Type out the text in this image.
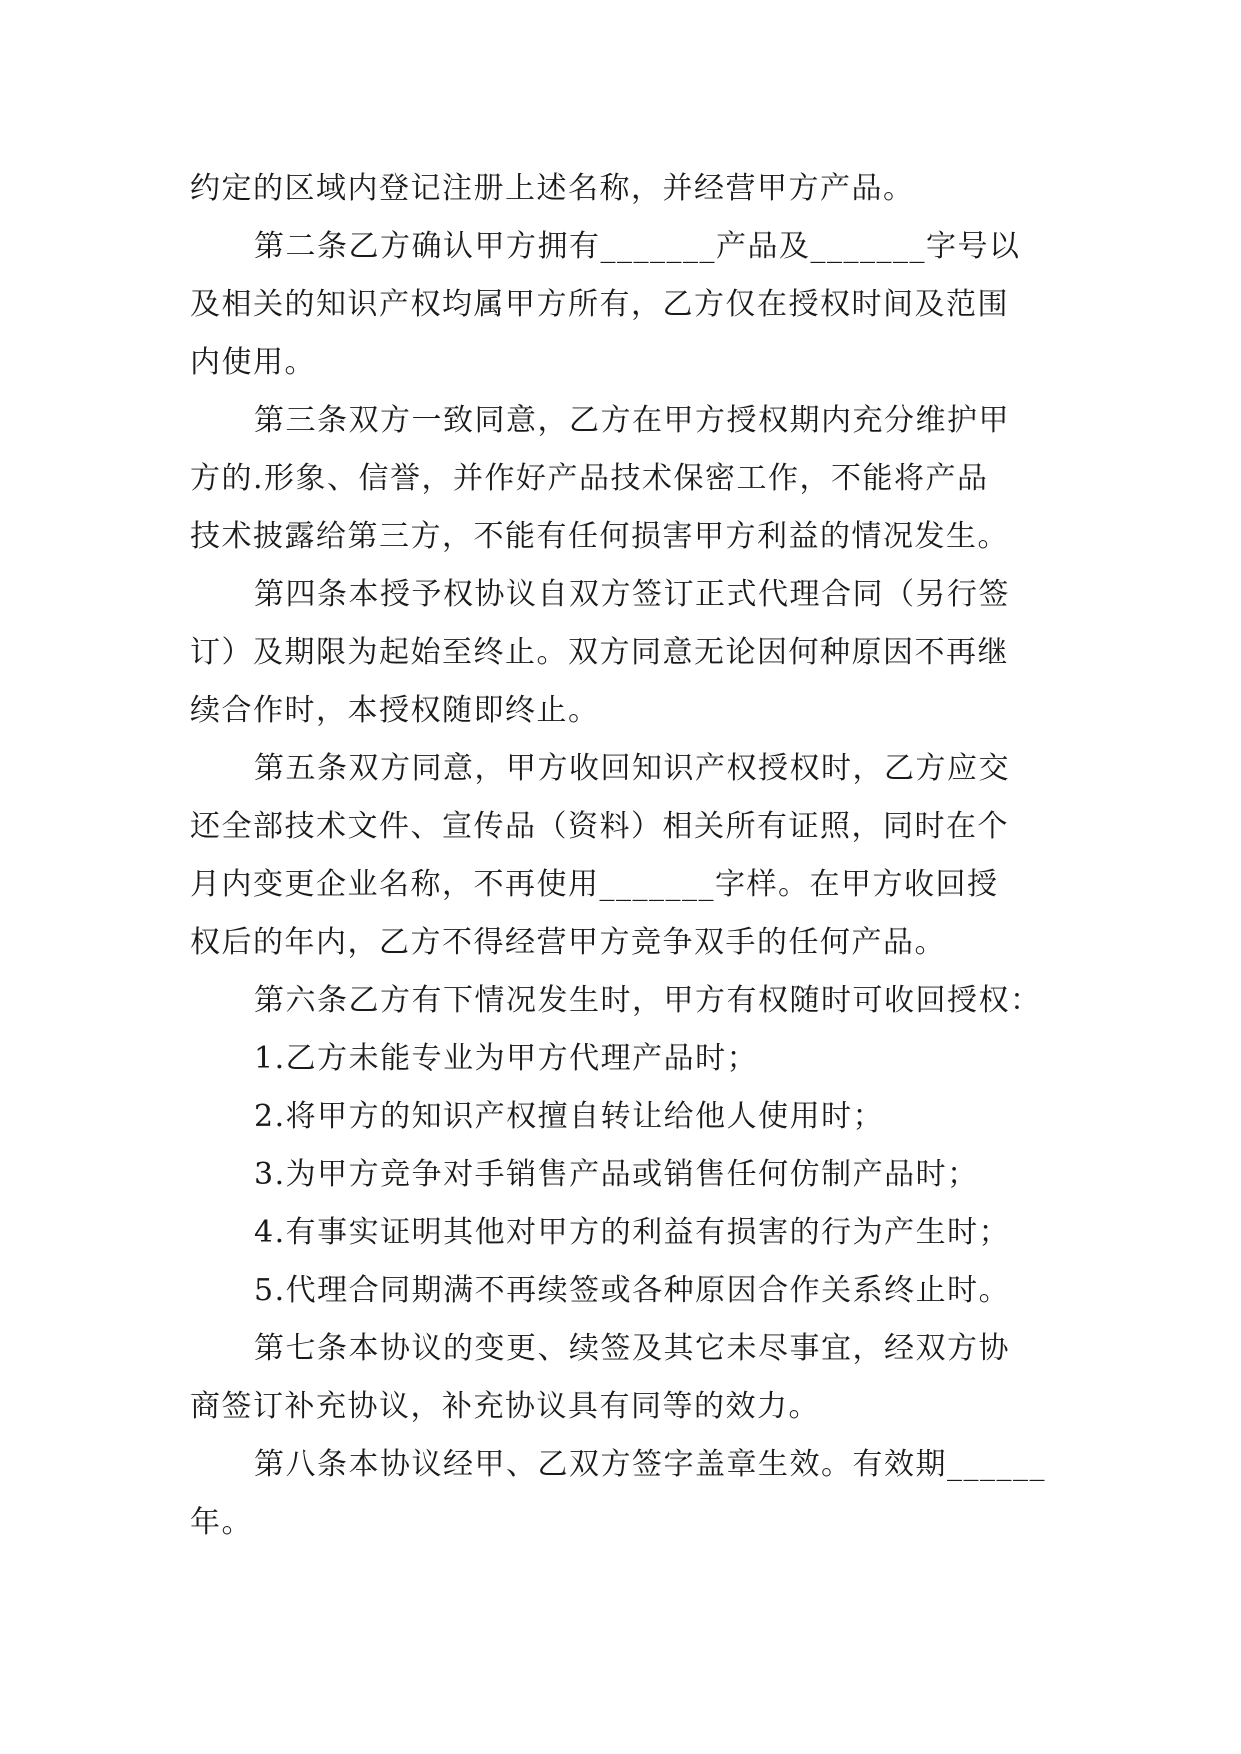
约定的区域内登记注册上述名称，并经营甲方产品。
第二条乙方确认甲方拥有_______产品及_______字号以
及相关的知识产权均属甲方所有，乙方仅在授权时间及范围
内使用。
第三条双方一致同意，乙方在甲方授权期内充分维护甲
方的.形象、信誉，并作好产品技术保密工作，不能将产品
技术披露给第三方，不能有任何损害甲方利益的情况发生。
第四条本授予权协议自双方签订正式代理合同（另行签
订）及期限为起始至终止。双方同意无论因何种原因不再继
续合作时，本授权随即终止。
第五条双方同意，甲方收回知识产权授权时，乙方应交
还全部技术文件、宣传品（资料）相关所有证照，同时在个
月内变更企业名称，不再使用_______字样。在甲方收回授
权后的年内，乙方不得经营甲方竞争双手的任何产品。
第六条乙方有下情况发生时，甲方有权随时可收回授权：
1.乙方未能专业为甲方代理产品时；
2.将甲方的知识产权擅自转让给他人使用时；
3.为甲方竞争对手销售产品或销售任何仿制产品时；
4.有事实证明其他对甲方的利益有损害的行为产生时；
5.代理合同期满不再续签或各种原因合作关系终止时。
第七条本协议的变更、续签及其它未尽事宜，经双方协
商签订补充协议，补充协议具有同等的效力。
第八条本协议经甲、乙双方签字盖章生效。有效期______
年。
